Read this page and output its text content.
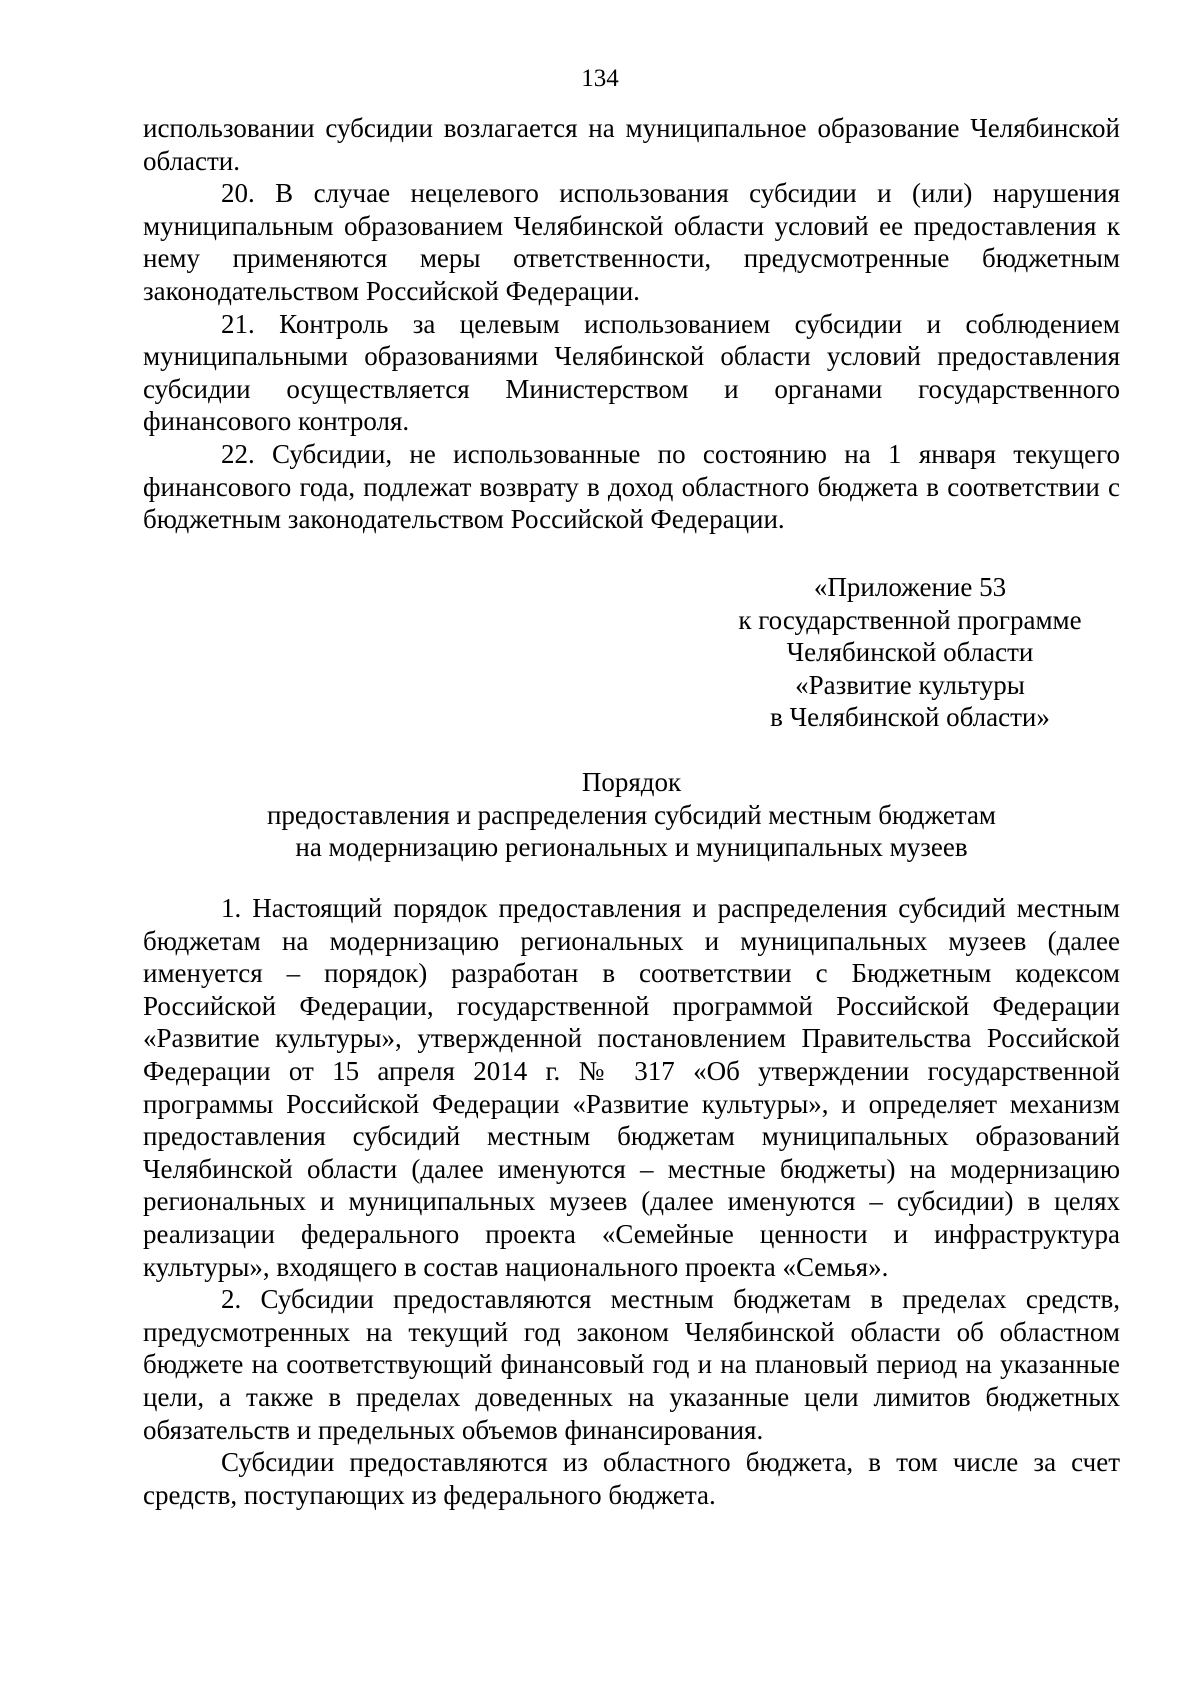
134

использовании субсидии возлагается на муниципальное образование Челябинской области.

20. В случае нецелевого использования субсидии и (или) нарушения муниципальным образованием Челябинской области условий ее предоставления к нему применяются меры ответственности, предусмотренные бюджетным законодательством Российской Федерации.

21. Контроль за целевым использованием субсидии и соблюдением муниципальными образованиями Челябинской области условий предоставления субсидии осуществляется Министерством и органами государственного финансового контроля.

22. Субсидии, не использованные по состоянию на 1 января текущего финансового года, подлежат возврату в доход областного бюджета в соответствии с бюджетным законодательством Российской Федерации.

«Приложение 53
к государственной программе
Челябинской области
«Развитие культуры
в Челябинской области»
Порядок
предоставления и распределения субсидий местным бюджетам
на модернизацию региональных и муниципальных музеев

1. Настоящий порядок предоставления и распределения субсидий местным бюджетам на модернизацию региональных и муниципальных музеев (далее именуется – порядок) разработан в соответствии с Бюджетным кодексом Российской Федерации, государственной программой Российской Федерации «Развитие культуры», утвержденной постановлением Правительства Российской Федерации от 15 апреля 2014 г. № 317 «Об утверждении государственной программы Российской Федерации «Развитие культуры», и определяет механизм предоставления субсидий местным бюджетам муниципальных образований Челябинской области (далее именуются – местные бюджеты) на модернизацию региональных и муниципальных музеев (далее именуются – субсидии) в целях реализации федерального проекта «Семейные ценности и инфраструктура культуры», входящего в состав национального проекта «Семья».

2. Субсидии предоставляются местным бюджетам в пределах средств, предусмотренных на текущий год законом Челябинской области об областном бюджете на соответствующий финансовый год и на плановый период на указанные цели, а также в пределах доведенных на указанные цели лимитов бюджетных обязательств и предельных объемов финансирования.

Субсидии предоставляются из областного бюджета, в том числе за счет средств, поступающих из федерального бюджета.
